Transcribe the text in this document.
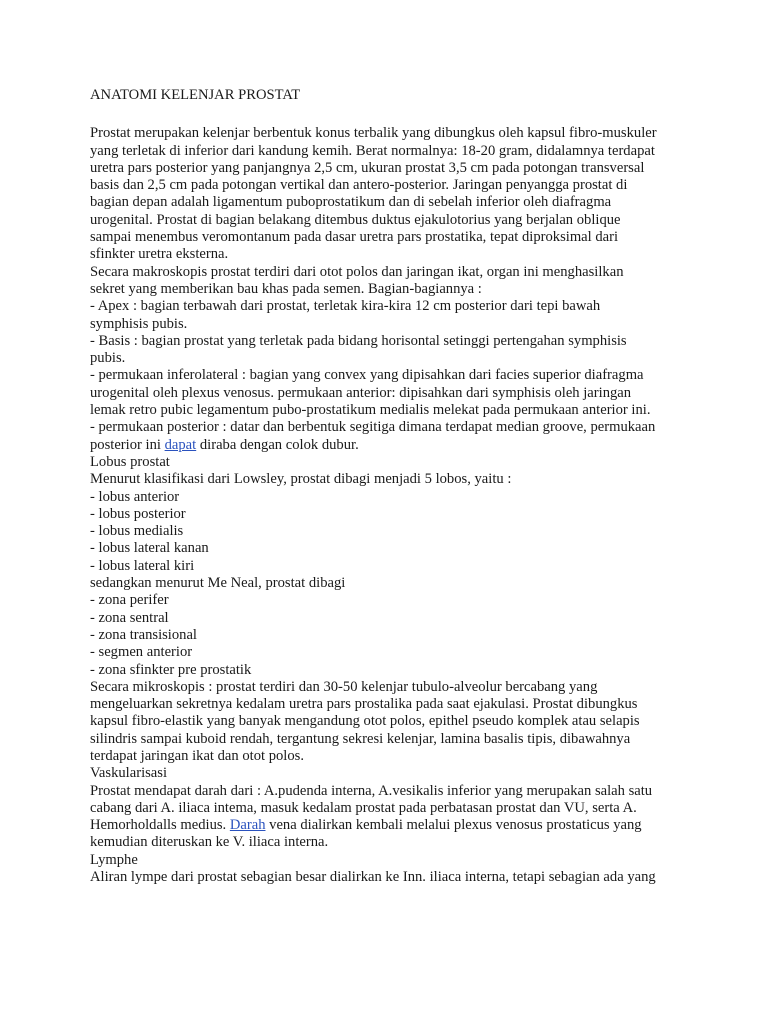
ANATOMI KELENJAR PROSTAT
Prostat merupakan kelenjar berbentuk konus terbalik yang dibungkus oleh kapsul fibro-muskuler
yang terletak di inferior dari kandung kemih. Berat normalnya: 18-20 gram, didalamnya terdapat
uretra pars posterior yang panjangnya 2,5 cm, ukuran prostat 3,5 cm pada potongan transversal
basis dan 2,5 cm pada potongan vertikal dan antero-posterior. Jaringan penyangga prostat di
bagian depan adalah ligamentum puboprostatikum dan di sebelah inferior oleh diafragma
urogenital. Prostat di bagian belakang ditembus duktus ejakulotorius yang berjalan oblique
sampai menembus veromontanum pada dasar uretra pars prostatika, tepat diproksimal dari
sfinkter uretra eksterna.
Secara makroskopis prostat terdiri dari otot polos dan jaringan ikat, organ ini menghasilkan
sekret yang memberikan bau khas pada semen. Bagian-bagiannya :
- Apex : bagian terbawah dari prostat, terletak kira-kira 12 cm posterior dari tepi bawah
symphisis pubis.
- Basis : bagian prostat yang terletak pada bidang horisontal setinggi pertengahan symphisis
pubis.
- permukaan inferolateral : bagian yang convex yang dipisahkan dari facies superior diafragma
urogenital oleh plexus venosus. permukaan anterior: dipisahkan dari symphisis oleh jaringan
lemak retro pubic legamentum pubo-prostatikum medialis melekat pada permukaan anterior ini.
- permukaan posterior : datar dan berbentuk segitiga dimana terdapat median groove, permukaan
posterior ini dapat diraba dengan colok dubur.
Lobus prostat
Menurut klasifikasi dari Lowsley, prostat dibagi menjadi 5 lobos, yaitu :
- lobus anterior
- lobus posterior
- lobus medialis
- lobus lateral kanan
- lobus lateral kiri
sedangkan menurut Me Neal, prostat dibagi
- zona perifer
- zona sentral
- zona transisional
- segmen anterior
- zona sfinkter pre prostatik
Secara mikroskopis : prostat terdiri dan 30-50 kelenjar tubulo-alveolur bercabang yang
mengeluarkan sekretnya kedalam uretra pars prostalika pada saat ejakulasi. Prostat dibungkus
kapsul fibro-elastik yang banyak mengandung otot polos, epithel pseudo komplek atau selapis
silindris sampai kuboid rendah, tergantung sekresi kelenjar, lamina basalis tipis, dibawahnya
terdapat jaringan ikat dan otot polos.
Vaskularisasi
Prostat mendapat darah dari : A.pudenda interna, A.vesikalis inferior yang merupakan salah satu
cabang dari A. iliaca intema, masuk kedalam prostat pada perbatasan prostat dan VU, serta A.
Hemorholdalls medius. Darah vena dialirkan kembali melalui plexus venosus prostaticus yang
kemudian diteruskan ke V. iliaca interna.
Lymphe
Aliran lympe dari prostat sebagian besar dialirkan ke Inn. iliaca interna, tetapi sebagian ada yang
